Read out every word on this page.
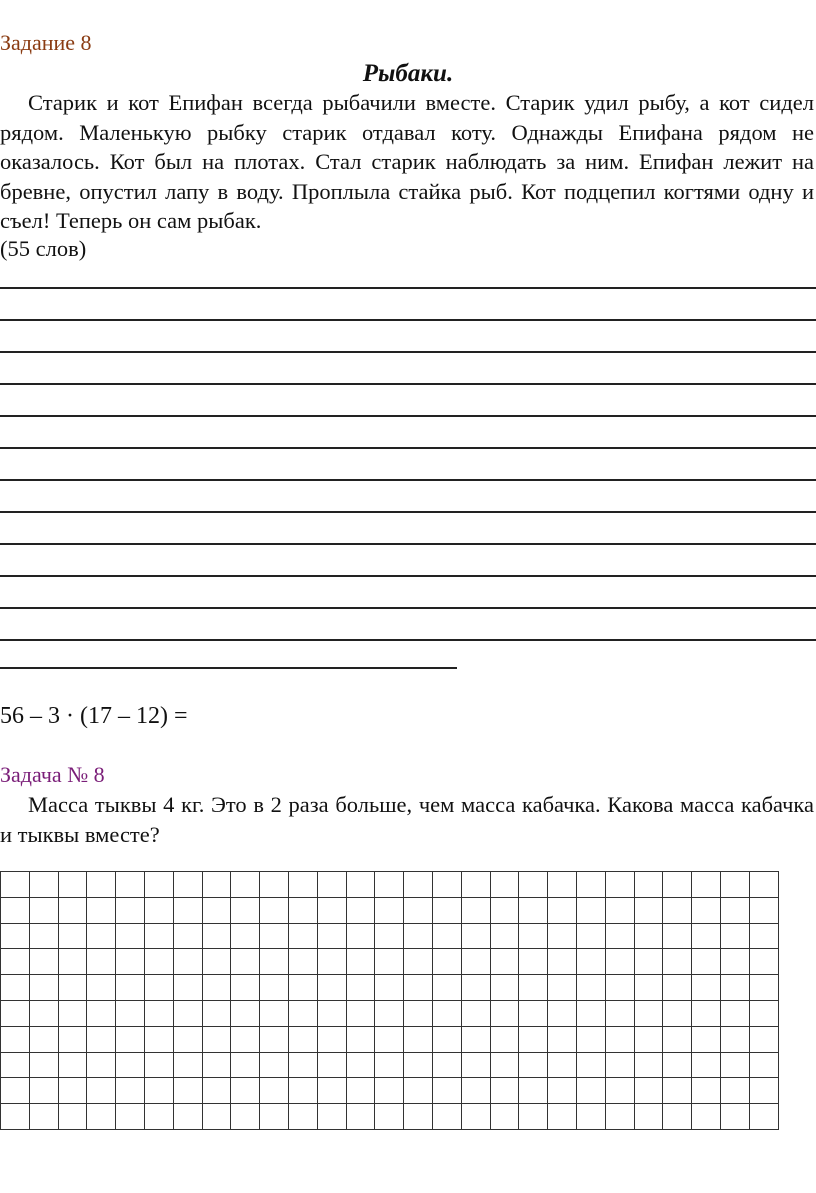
Задание 8
Рыбаки.
Старик и кот Епифан всегда рыбачили вместе. Старик удил рыбу, а кот сидел рядом. Маленькую рыбку старик отдавал коту. Однажды Епифана рядом не оказалось. Кот был на плотах. Стал старик наблюдать за ним. Епифан лежит на бревне, опустил лапу в воду. Проплыла стайка рыб. Кот подцепил когтями одну и съел! Теперь он сам рыбак.
(55 слов)
56 – 3 · (17 – 12) =
Задача № 8
Масса тыквы 4 кг. Это в 2 раза больше, чем масса кабачка. Какова масса кабачка и тыквы вместе?
